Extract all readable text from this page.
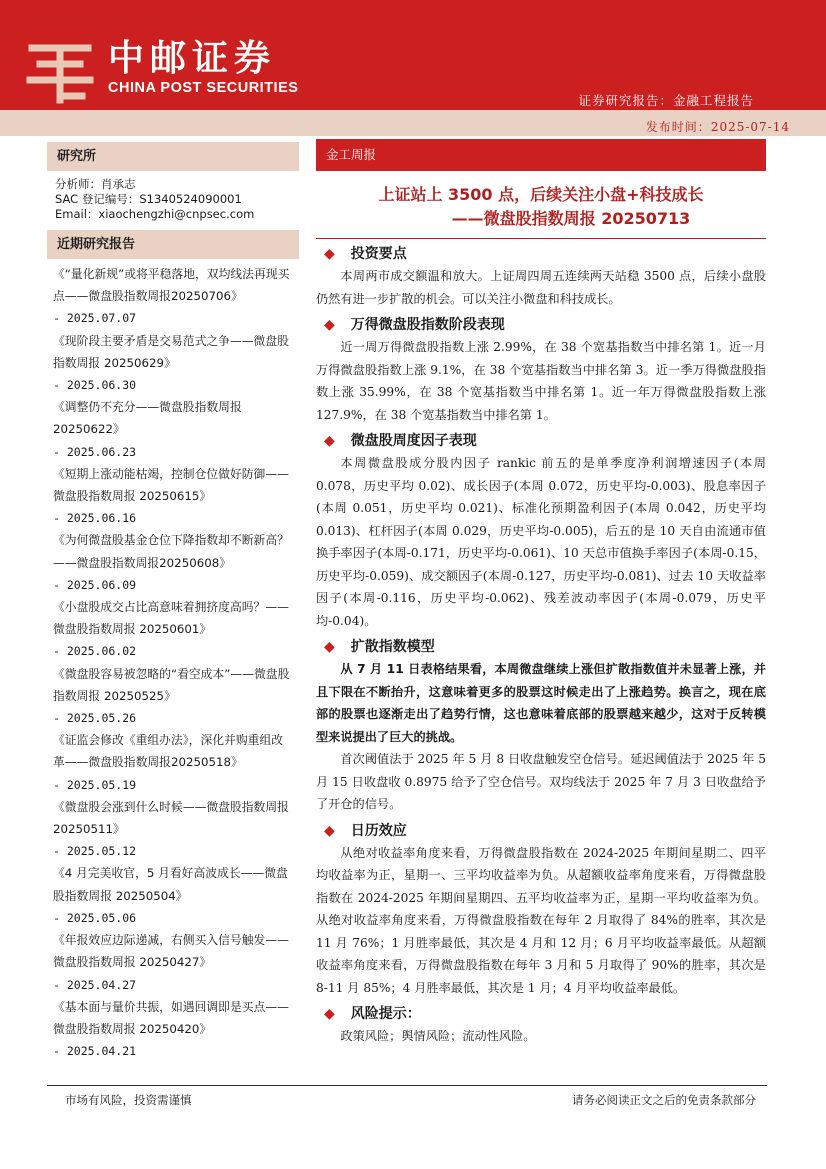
中邮证券
CHINA POST SECURITIES
证券研究报告：金融工程报告
发布时间：2025-07-14
研究所
分析师：肖承志
SAC 登记编号：S1340524090001
Email：xiaochengzhi@cnpsec.com
近期研究报告
《“量化新规”或将平稳落地，双均线法再现买点——微盘股指数周报20250706》
- 2025.07.07
《现阶段主要矛盾是交易范式之争——微盘股指数周报 20250629》
- 2025.06.30
《调整仍不充分——微盘股指数周报20250622》
- 2025.06.23
《短期上涨动能枯竭，控制仓位做好防御——微盘股指数周报 20250615》
- 2025.06.16
《为何微盘股基金仓位下降指数却不断新高？——微盘股指数周报20250608》
- 2025.06.09
《小盘股成交占比高意味着拥挤度高吗？——微盘股指数周报 20250601》
- 2025.06.02
《微盘股容易被忽略的“看空成本”——微盘股指数周报 20250525》
- 2025.05.26
《证监会修改《重组办法》，深化并购重组改革——微盘股指数周报20250518》
- 2025.05.19
《微盘股会涨到什么时候——微盘股指数周报 20250511》
- 2025.05.12
《4 月完美收官，5 月看好高波成长——微盘股指数周报 20250504》
- 2025.05.06
《年报效应边际递减，右侧买入信号触发——微盘股指数周报 20250427》
- 2025.04.27
《基本面与量价共振，如遇回调即是买点——微盘股指数周报 20250420》
- 2025.04.21
金工周报
上证站上 3500 点，后续关注小盘+科技成长
——微盘股指数周报 20250713
◆ 投资要点

本周两市成交额温和放大。上证周四周五连续两天站稳 3500 点，后续小盘股仍然有进一步扩散的机会。可以关注小微盘和科技成长。

◆ 万得微盘股指数阶段表现

近一周万得微盘股指数上涨 2.99%，在 38 个宽基指数当中排名第 1。近一月万得微盘股指数上涨 9.1%，在 38 个宽基指数当中排名第 3。近一季万得微盘股指数上涨 35.99%，在 38 个宽基指数当中排名第 1。近一年万得微盘股指数上涨 127.9%，在 38 个宽基指数当中排名第 1。

◆ 微盘股周度因子表现

本周微盘股成分股内因子 rankic 前五的是单季度净利润增速因子(本周 0.078，历史平均 0.02)、成长因子(本周 0.072，历史平均-0.003)、股息率因子(本周 0.051，历史平均 0.021)、标准化预期盈利因子(本周 0.042，历史平均 0.013)、杠杆因子(本周 0.029，历史平均-0.005)，后五的是 10 天自由流通市值换手率因子(本周-0.171，历史平均-0.061)、10 天总市值换手率因子(本周-0.15，历史平均-0.059)、成交额因子(本周-0.127，历史平均-0.081)、过去 10 天收益率因子(本周-0.116，历史平均-0.062)、残差波动率因子(本周-0.079，历史平均-0.04)。

◆ 扩散指数模型

从 7 月 11 日表格结果看，本周微盘继续上涨但扩散指数值并未显著上涨，并且下限在不断抬升，这意味着更多的股票这时候走出了上涨趋势。换言之，现在底部的股票也逐渐走出了趋势行情，这也意味着底部的股票越来越少，这对于反转模型来说提出了巨大的挑战。

首次阈值法于 2025 年 5 月 8 日收盘触发空仓信号。延迟阈值法于 2025 年 5 月 15 日收盘收 0.8975 给予了空仓信号。双均线法于 2025 年 7 月 3 日收盘给予了开仓的信号。

◆ 日历效应

从绝对收益率角度来看，万得微盘股指数在 2024-2025 年期间星期二、四平均收益率为正，星期一、三平均收益率为负。从超额收益率角度来看，万得微盘股指数在 2024-2025 年期间星期四、五平均收益率为正，星期一平均收益率为负。从绝对收益率角度来看，万得微盘股指数在每年 2 月取得了 84%的胜率，其次是 11 月 76%；1 月胜率最低，其次是 4 月和 12 月；6 月平均收益率最低。从超额收益率角度来看，万得微盘股指数在每年 3 月和 5 月取得了 90%的胜率，其次是 8-11 月 85%；4 月胜率最低，其次是 1 月；4 月平均收益率最低。

◆ 风险提示：

政策风险；舆情风险；流动性风险。

市场有风险，投资需谨慎	请务必阅读正文之后的免责条款部分
